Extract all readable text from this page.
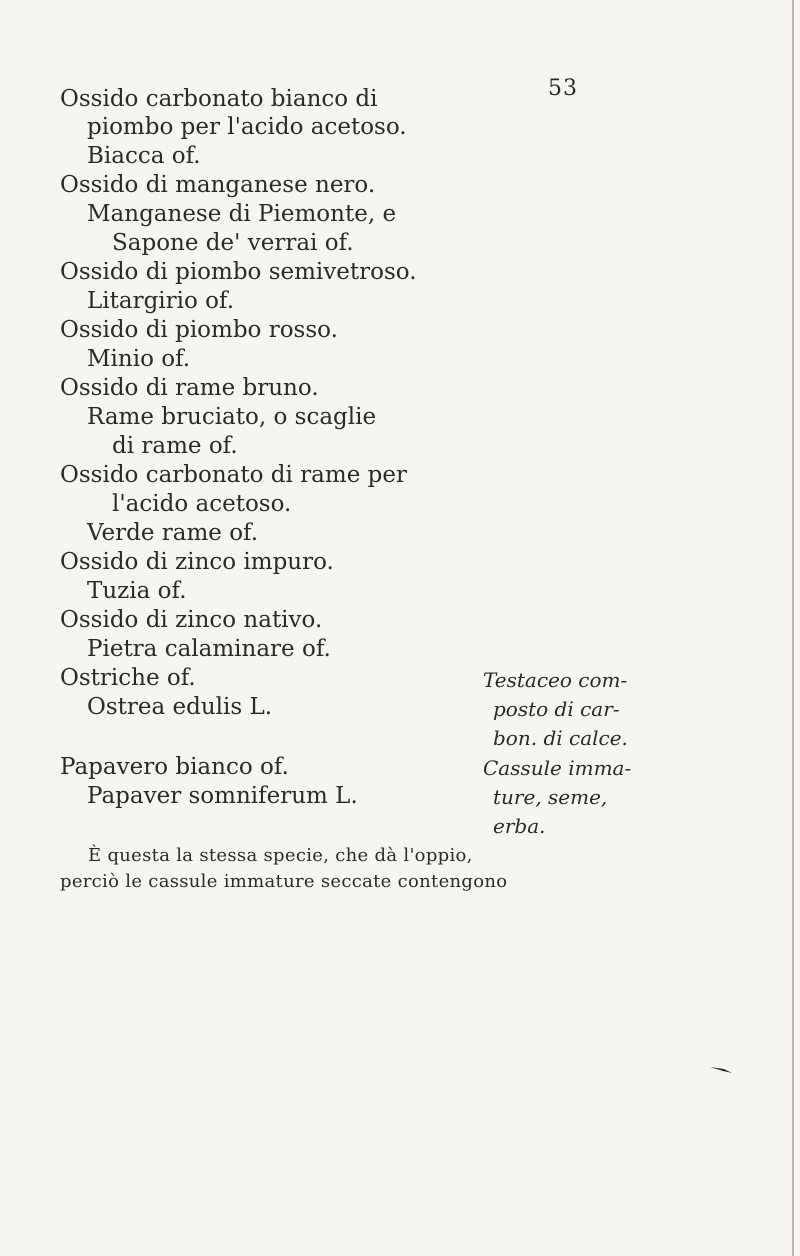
53
Ossido carbonato bianco di
piombo per l'acido acetoso.
Biacca of.
Ossido di manganese nero.
Manganese di Piemonte, e
Sapone de' verrai of.
Ossido di piombo semivetroso.
Litargirio of.
Ossido di piombo rosso.
Minio of.
Ossido di rame bruno.
Rame bruciato, o scaglie
di rame of.
Ossido carbonato di rame per
l'acido acetoso.
Verde rame of.
Ossido di zinco impuro.
Tuzia of.
Ossido di zinco nativo.
Pietra calaminare of.
Ostriche of.
Ostrea edulis L.
Papavero bianco of.
Papaver somniferum L.
Testaceo com-
posto di car-
bon. di calce.
Cassule imma-
ture, seme,
erba.
È questa la stessa specie, che dà l'oppio,
perciò le cassule immature seccate contengono
